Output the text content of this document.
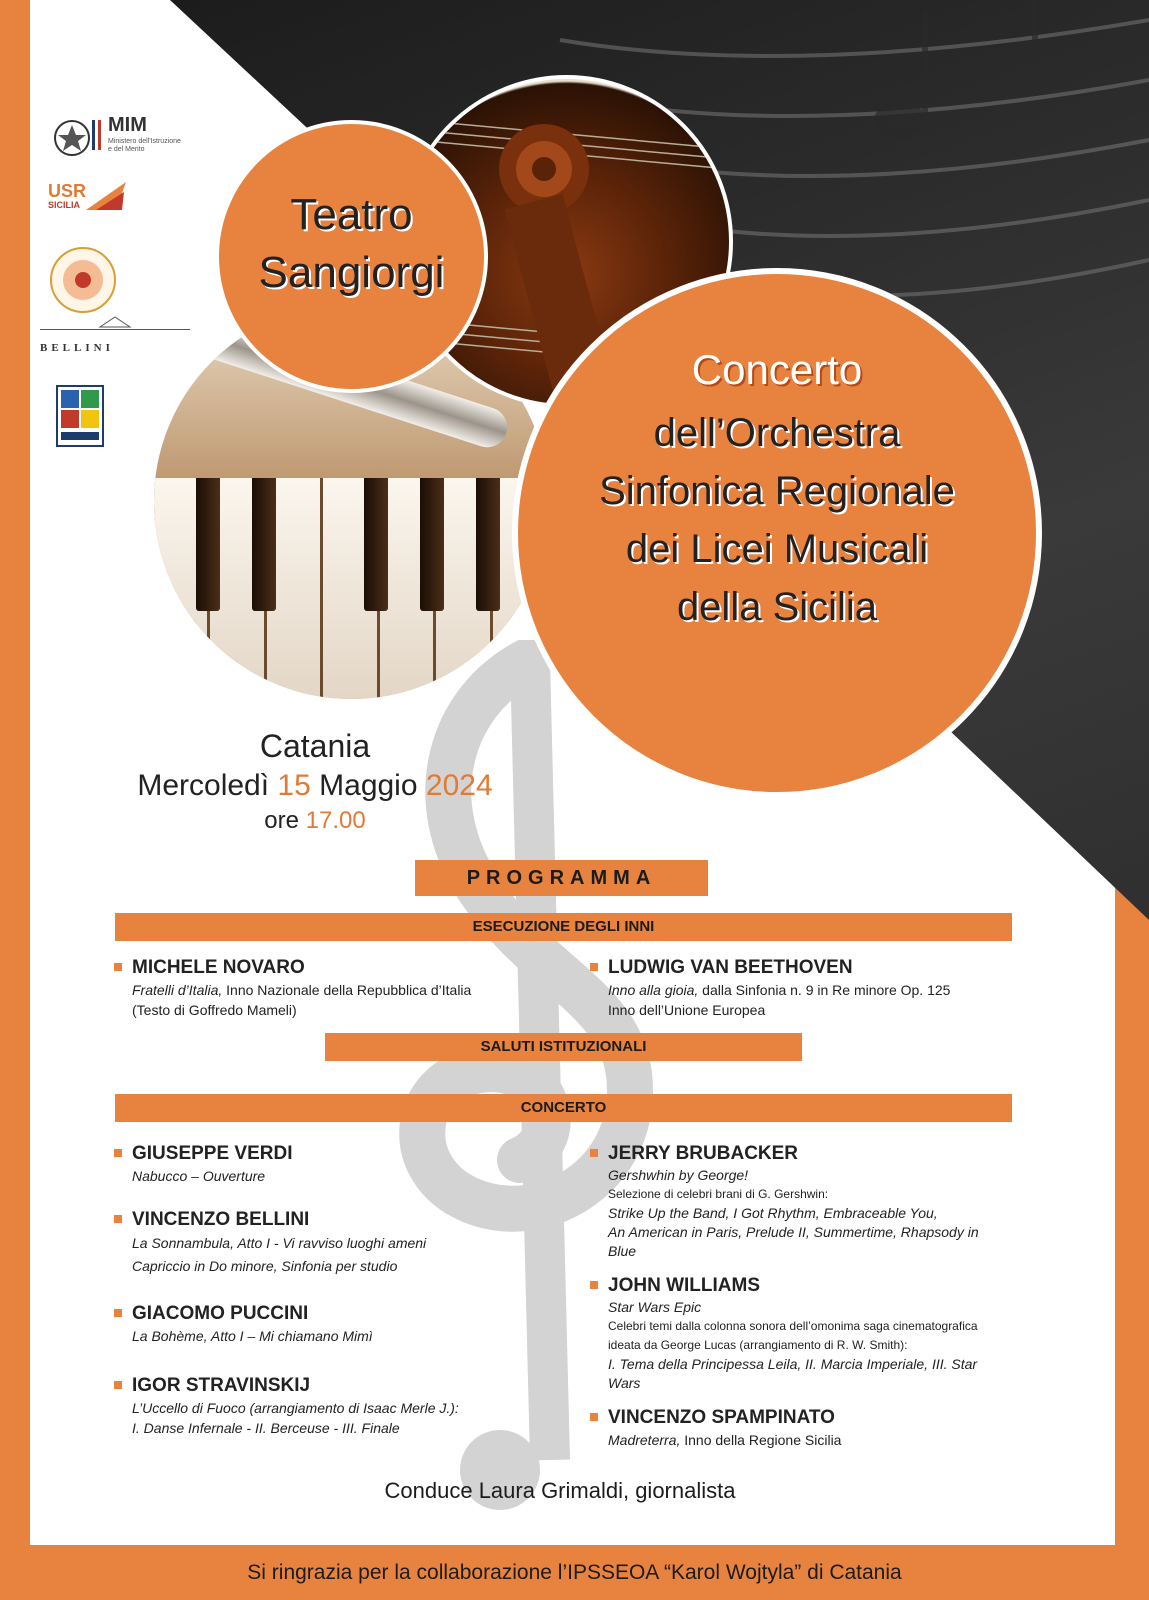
MIM
Ministero dell'Istruzione
e del Merito
USR
SICILIA
BELLINI
Teatro
Sangiorgi
Concerto
dell’Orchestra
Sinfonica Regionale
dei Licei Musicali
della Sicilia
Catania
Mercoledì 15 Maggio 2024
ore 17.00
PROGRAMMA
ESECUZIONE DEGLI INNI
MICHELE NOVARO
Fratelli d’Italia, Inno Nazionale della Repubblica d’Italia
(Testo di Goffredo Mameli)
LUDWIG VAN BEETHOVEN
Inno alla gioia, dalla Sinfonia n. 9 in Re minore Op. 125
Inno dell’Unione Europea
SALUTI ISTITUZIONALI
CONCERTO
GIUSEPPE VERDI
Nabucco – Ouverture
VINCENZO BELLINI
La Sonnambula, Atto I - Vi ravviso luoghi ameni
Capriccio in Do minore, Sinfonia per studio
GIACOMO PUCCINI
La Bohème, Atto I – Mi chiamano Mimì
IGOR STRAVINSKIJ
L’Uccello di Fuoco (arrangiamento di Isaac Merle J.):
I. Danse Infernale - II. Berceuse - III. Finale
JERRY BRUBACKER
Gershwhin by George!
Selezione di celebri brani di G. Gershwin:
Strike Up the Band, I Got Rhythm, Embraceable You,
An American in Paris, Prelude II, Summertime, Rhapsody in
Blue
JOHN WILLIAMS
Star Wars Epic
Celebri temi dalla colonna sonora dell’omonima saga cinematografica
ideata da George Lucas (arrangiamento di R. W. Smith):
I. Tema della Principessa Leila, II. Marcia Imperiale, III. Star
Wars
VINCENZO SPAMPINATO
Madreterra, Inno della Regione Sicilia
Conduce Laura Grimaldi, giornalista
Si ringrazia per la collaborazione l’IPSSEOA “Karol Wojtyla” di Catania
